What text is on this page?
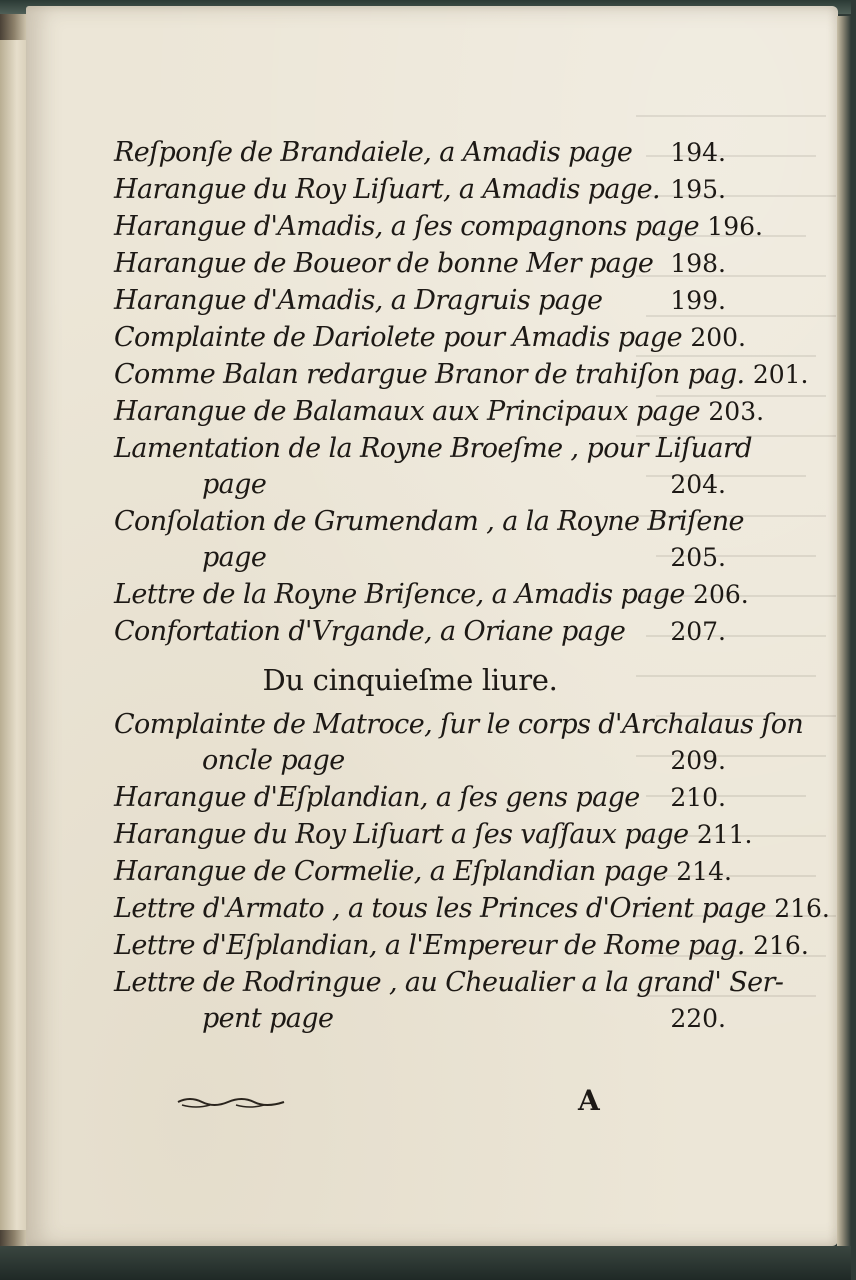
Reſponſe de Brandaiele, a Amadis page	194.
Harangue du Roy Liſuart, a Amadis page. 195.
Harangue d'Amadis, a ſes compagnons page 196.
Harangue de Boueor de bonne Mer page 198.
Harangue d'Amadis, a Dragruis page	199.
Complainte de Dariolete pour Amadis page 200.
Comme Balan redargue Branor de trahiſon pag. 201.
Harangue de Balamaux aux Principaux page 203.
Lamentation de la Royne Broeſme , pour Liſuard
page	204.
Conſolation de Grumendam , a la Royne Briſene
page	205.
Lettre de la Royne Briſence, a Amadis page 206.
Confortation d'Vrgande, a Oriane page	207.
Du cinquieſme liure.
Complainte de Matroce, ſur le corps d'Archalaus ſon
oncle page	209.
Harangue d'Eſplandian, a ſes gens page	210.
Harangue du Roy Liſuart a ſes vaſſaux page 211.
Harangue de Cormelie, a Eſplandian page 214.
Lettre d'Armato , a tous les Princes d'Orient page 216.
Lettre d'Eſplandian, a l'Empereur de Rome pag. 216.
Lettre de Rodringue , au Cheualier a la grand' Ser-
pent page	220.
A
